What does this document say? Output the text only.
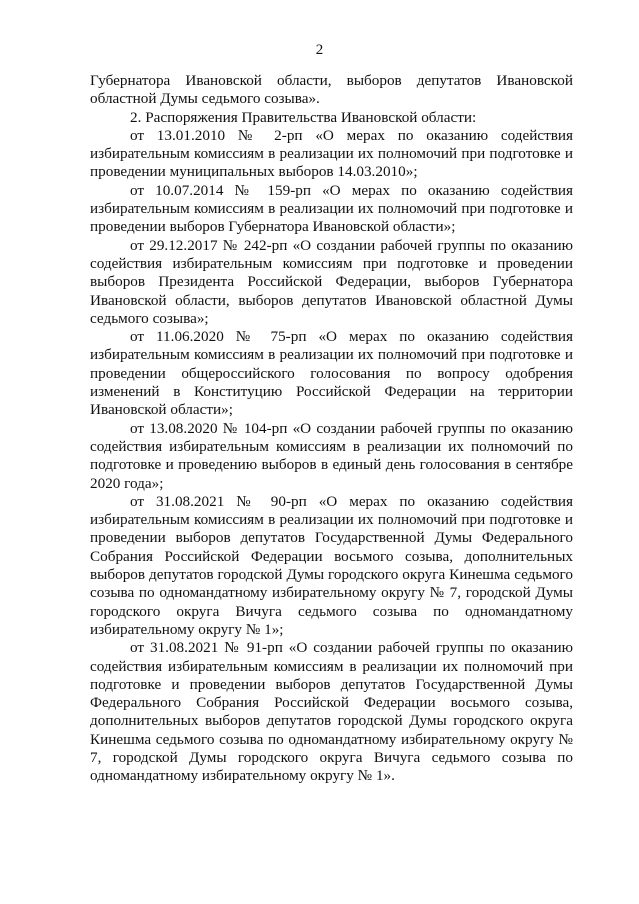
2

Губернатора Ивановской области, выборов депутатов Ивановской областной Думы седьмого созыва».

2. Распоряжения Правительства Ивановской области:

от 13.01.2010 № 2-рп «О мерах по оказанию содействия избирательным комиссиям в реализации их полномочий при подготовке и проведении муниципальных выборов 14.03.2010»;

от 10.07.2014 № 159-рп «О мерах по оказанию содействия избирательным комиссиям в реализации их полномочий при подготовке и проведении выборов Губернатора Ивановской области»;

от 29.12.2017 № 242-рп «О создании рабочей группы по оказанию содействия избирательным комиссиям при подготовке и проведении выборов Президента Российской Федерации, выборов Губернатора Ивановской области, выборов депутатов Ивановской областной Думы седьмого созыва»;

от 11.06.2020 № 75-рп «О мерах по оказанию содействия избирательным комиссиям в реализации их полномочий при подготовке и проведении общероссийского голосования по вопросу одобрения изменений в Конституцию Российской Федерации на территории Ивановской области»;

от 13.08.2020 № 104-рп «О создании рабочей группы по оказанию содействия избирательным комиссиям в реализации их полномочий по подготовке и проведению выборов в единый день голосования в сентябре 2020 года»;

от 31.08.2021 № 90-рп «О мерах по оказанию содействия избирательным комиссиям в реализации их полномочий при подготовке и проведении выборов депутатов Государственной Думы Федерального Собрания Российской Федерации восьмого созыва, дополнительных выборов депутатов городской Думы городского округа Кинешма седьмого созыва по одномандатному избирательному округу № 7, городской Думы городского округа Вичуга седьмого созыва по одномандатному избирательному округу № 1»;

от 31.08.2021 № 91-рп «О создании рабочей группы по оказанию содействия избирательным комиссиям в реализации их полномочий при подготовке и проведении выборов депутатов Государственной Думы Федерального Собрания Российской Федерации восьмого созыва, дополнительных выборов депутатов городской Думы городского округа Кинешма седьмого созыва по одномандатному избирательному округу № 7, городской Думы городского округа Вичуга седьмого созыва по одномандатному избирательному округу № 1».
